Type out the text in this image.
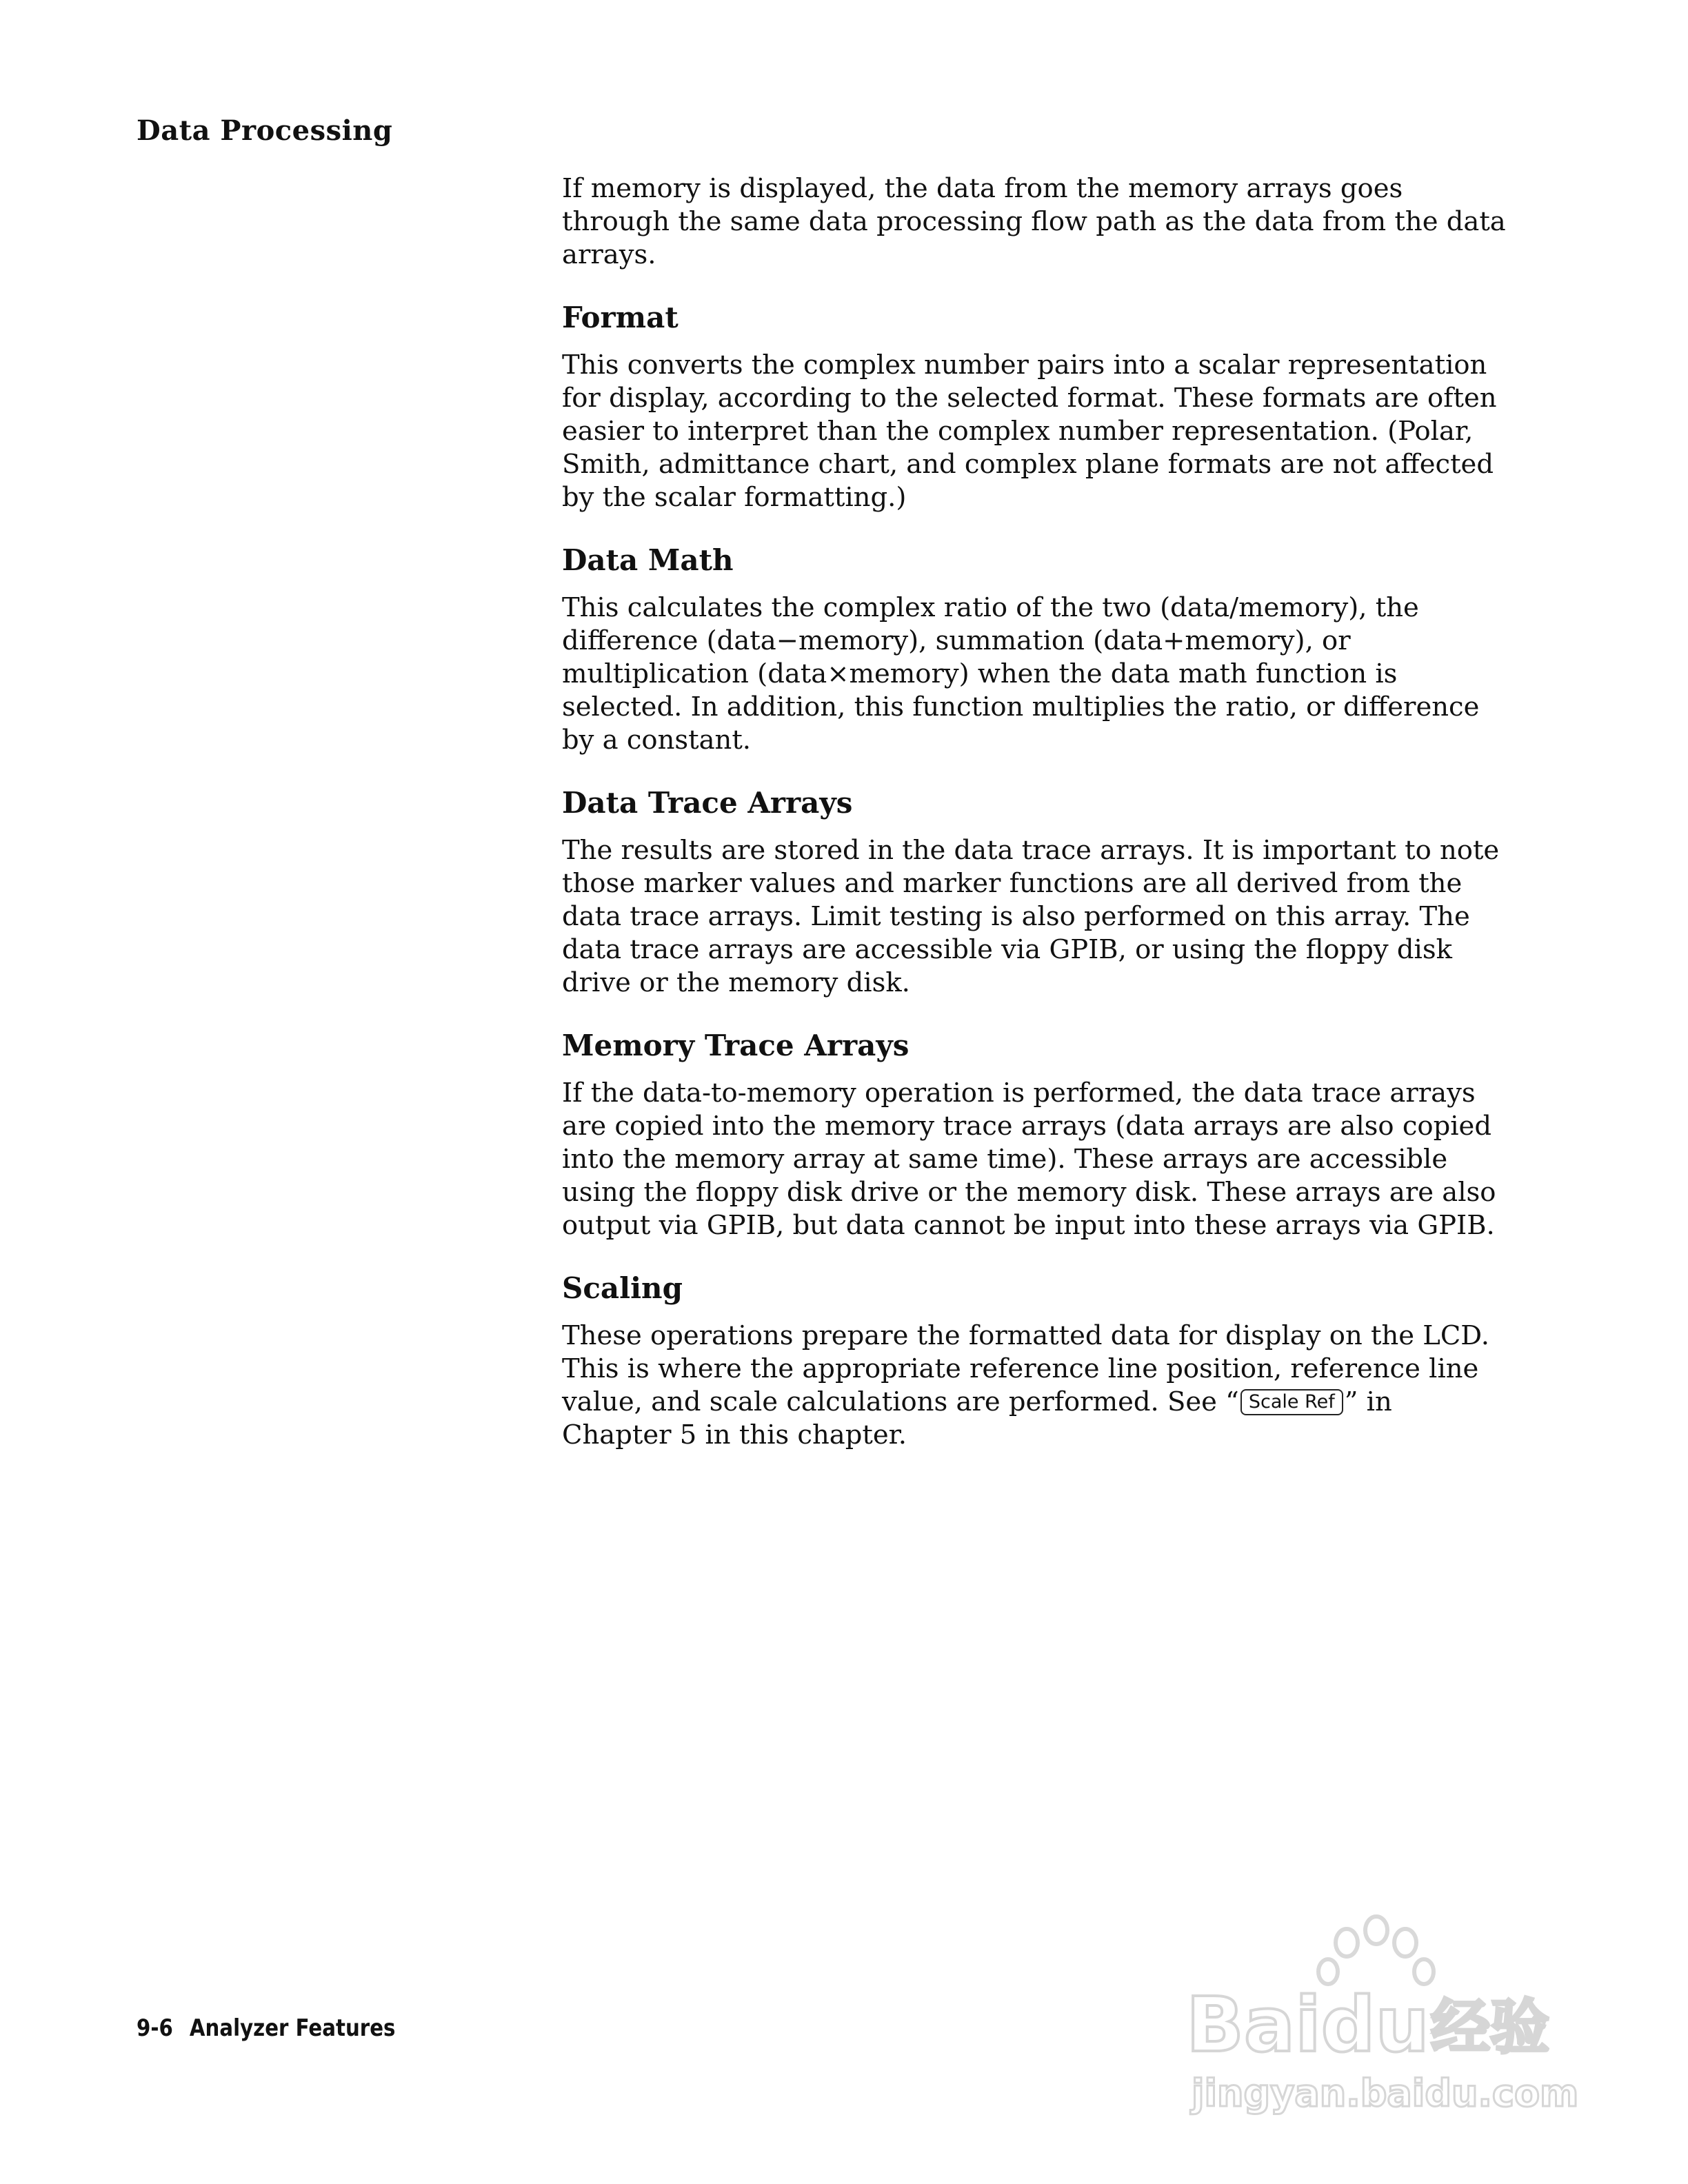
Data Processing

If memory is displayed, the data from the memory arrays goes through the same data processing flow path as the data from the data arrays.

Format

This converts the complex number pairs into a scalar representation for display, according to the selected format. These formats are often easier to interpret than the complex number representation. (Polar, Smith, admittance chart, and complex plane formats are not affected by the scalar formatting.)

Data Math

This calculates the complex ratio of the two (data/memory), the difference (data−memory), summation (data+memory), or multiplication (data×memory) when the data math function is selected. In addition, this function multiplies the ratio, or difference by a constant.

Data Trace Arrays

The results are stored in the data trace arrays. It is important to note those marker values and marker functions are all derived from the data trace arrays. Limit testing is also performed on this array. The data trace arrays are accessible via GPIB, or using the floppy disk drive or the memory disk.

Memory Trace Arrays

If the data-to-memory operation is performed, the data trace arrays are copied into the memory trace arrays (data arrays are also copied into the memory array at same time). These arrays are accessible using the floppy disk drive or the memory disk. These arrays are also output via GPIB, but data cannot be input into these arrays via GPIB.

Scaling

These operations prepare the formatted data for display on the LCD. This is where the appropriate reference line position, reference line value, and scale calculations are performed. See “ Scale Ref ” in Chapter 5 in this chapter.

9-6 Analyzer Features	Baidu 经验
jingyan.baidu.com
